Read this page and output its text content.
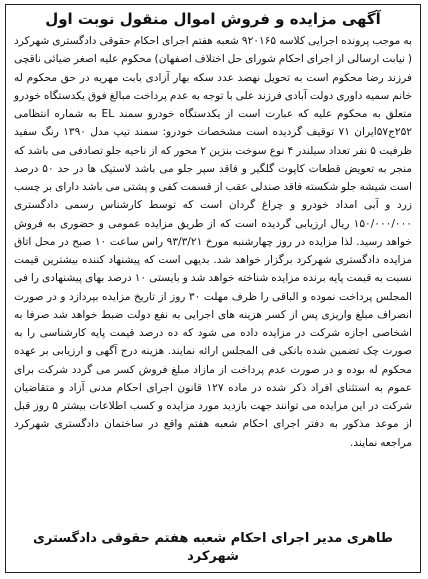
آگهی مزایده و فروش اموال منقول نوبت اول

به موجب پرونده اجرایی کلاسه ۹۲۰۱۶۵ شعبه هفتم اجرای احکام حقوقی دادگستری شهرکرد ( نیابت ارسالی از اجرای احکام شورای حل اختلاف اصفهان) محکوم علیه اصغر ضیائی ناقچی فرزند رضا محکوم است به تحویل نهصد عدد سکه بهار آزادی بابت مهریه در حق محکوم له خانم سمیه داوری دولت آبادی فرزند علی با توجه به عدم پرداخت مبالغ فوق یکدستگاه خودرو متعلق به محکوم علیه که عبارت است از یکدستگاه خودرو سمند EL به شماره انتظامی ۲۵۲ج۵۷ایران ۷۱ توقیف گردیده است مشخصات خودرو: سمند تیپ مدل ۱۳۹۰ رنگ سفید ظرفیت ۵ نفر تعداد سیلندر ۴ نوع سوخت بنزین ۲ محور که از ناحیه جلو تصادفی می باشد که منجر به تعویض قطعات کاپوت گلگیر و فاقد سپر جلو می باشد لاستیک ها در حد ۵۰ درصد است شیشه جلو شکسته فاقد صندلی عقب از قسمت کفی و پشتی می باشد دارای بر چسب زرد و آبی امداد خودرو و چراغ گردان است که توسط کارشناس رسمی دادگستری ۱۵۰/۰۰۰/۰۰۰ ریال ارزیابی گردیده است که از طریق مزایده عمومی و حضوری به فروش خواهد رسید. لذا مزایده در روز چهارشنبه مورخ ۹۳/۳/۲۱ راس ساعت ۱۰ صبح در محل اتاق مزایده دادگستری شهرکرد برگزار خواهد شد. بدیهی است که پیشنهاد کننده بیشترین قیمت نسبت به قیمت پایه برنده مزایده شناخته خواهد شد و بایستی ۱۰ درصد بهای پیشنهادی را فی المجلس پرداخت نموده و الباقی را ظرف مهلت ۳۰ روز از تاریخ مزایده بپردازد و در صورت انصراف مبلغ واریزی پس از کسر هزینه های اجرایی به نفع دولت ضبط خواهد شد صرفا به اشخاصی اجازه شرکت در مزایده داده می شود که ده درصد قیمت پایه کارشناسی را به صورت چک تضمین شده بانکی فی المجلس ارائه نمایند. هزینه درج آگهی و ارزیابی بر عهده محکوم له بوده و در صورت عدم پرداخت از مازاد مبلغ فروش کسر می گردد شرکت برای عموم به استثنای افراد ذکر شده در ماده ۱۲۷ قانون اجرای احکام مدنی آزاد و متقاضیان شرکت در این مزایده می توانند جهت بازدید مورد مزایده و کسب اطلاعات بیشتر ۵ روز قبل از موعد مذکور به دفتر اجرای احکام شعبه هفتم واقع در ساختمان دادگستری شهرکرد مراجعه نمایند.

طاهری مدیر اجرای احکام شعبه هفتم حقوقی دادگستری شهرکرد
